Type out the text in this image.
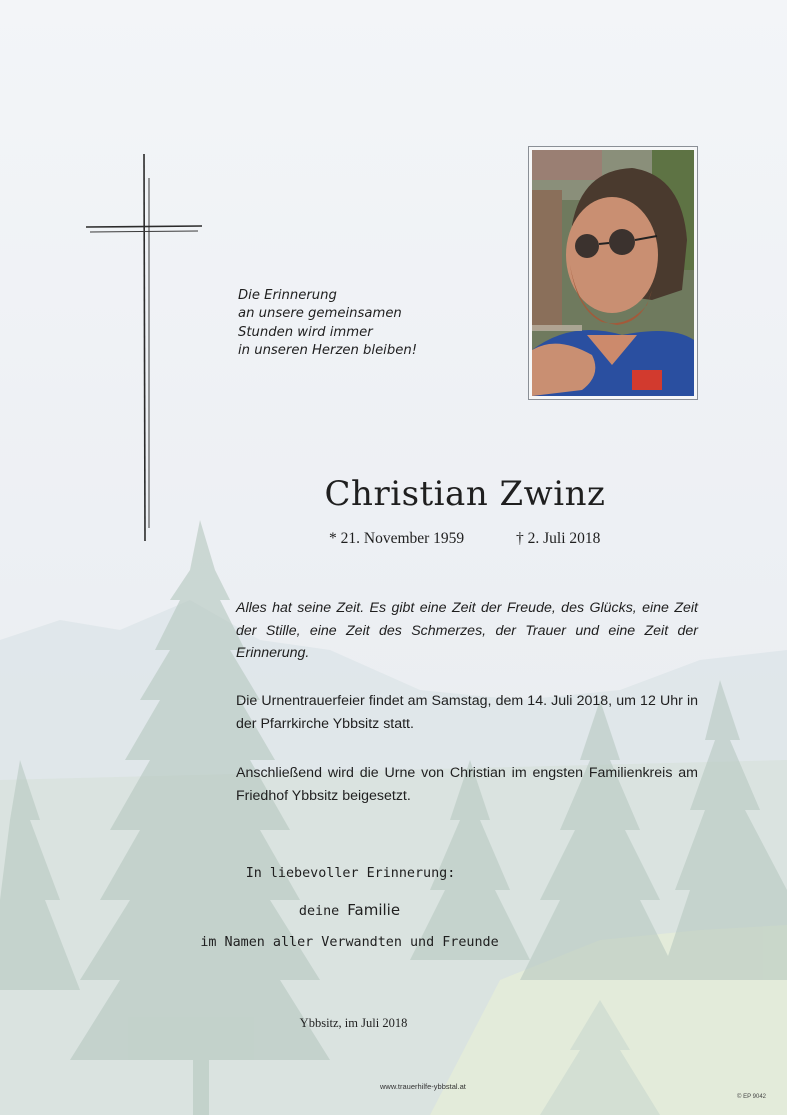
Die Erinnerung
an unsere gemeinsamen
Stunden wird immer
in unseren Herzen bleiben!
Christian Zwinz
* 21. November 1959	† 2. Juli 2018
Alles hat seine Zeit. Es gibt eine Zeit der Freude, des Glücks, eine Zeit der Stille, eine Zeit des Schmerzes, der Trauer und eine Zeit der Erinnerung.
Die Urnentrauerfeier findet am Samstag, dem 14. Juli 2018, um 12 Uhr in der Pfarrkirche Ybbsitz statt.
Anschließend wird die Urne von Christian im engsten Familienkreis am Friedhof Ybbsitz beigesetzt.
In liebevoller Erinnerung:
deine Familie
im Namen aller Verwandten und Freunde
Ybbsitz, im Juli 2018
www.trauerhilfe-ybbstal.at
© EP 9042
